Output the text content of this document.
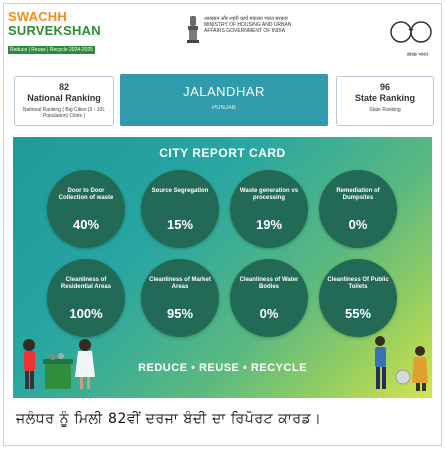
SWACHH
SURVEKSHAN
Reduce | Reuse | Recycle 2024-2025
आवासन और शहरी कार्य मंत्रालय भारत सरकार MINISTRY OF HOUSING AND URBAN AFFAIRS GOVERNMENT OF INDIA
स्वच्छ भारत
82
National Ranking
National Ranking ( Big Cities (3 - 10L Population) Cities )
JALANDHAR
PUNJAB
96
State Ranking
State Ranking
CITY REPORT CARD
Door to Door Collection of waste
40%
Source Segregation
15%
Waste generation vs processing
19%
Remediation of Dumpsites
0%
Cleanliness of Residential Areas
100%
Cleanliness of Market Areas
95%
Cleanliness of Water Bodies
0%
Cleanliness Of Public Toilets
55%
REDUCE • REUSE • RECYCLE
ਜਲੰਧਰ ਨੂੰ ਮਿਲੀ 82ਵੀਂ ਦਰਜਾ ਬੰਦੀ ਦਾ ਰਿਪੋਰਟ ਕਾਰਡ।
